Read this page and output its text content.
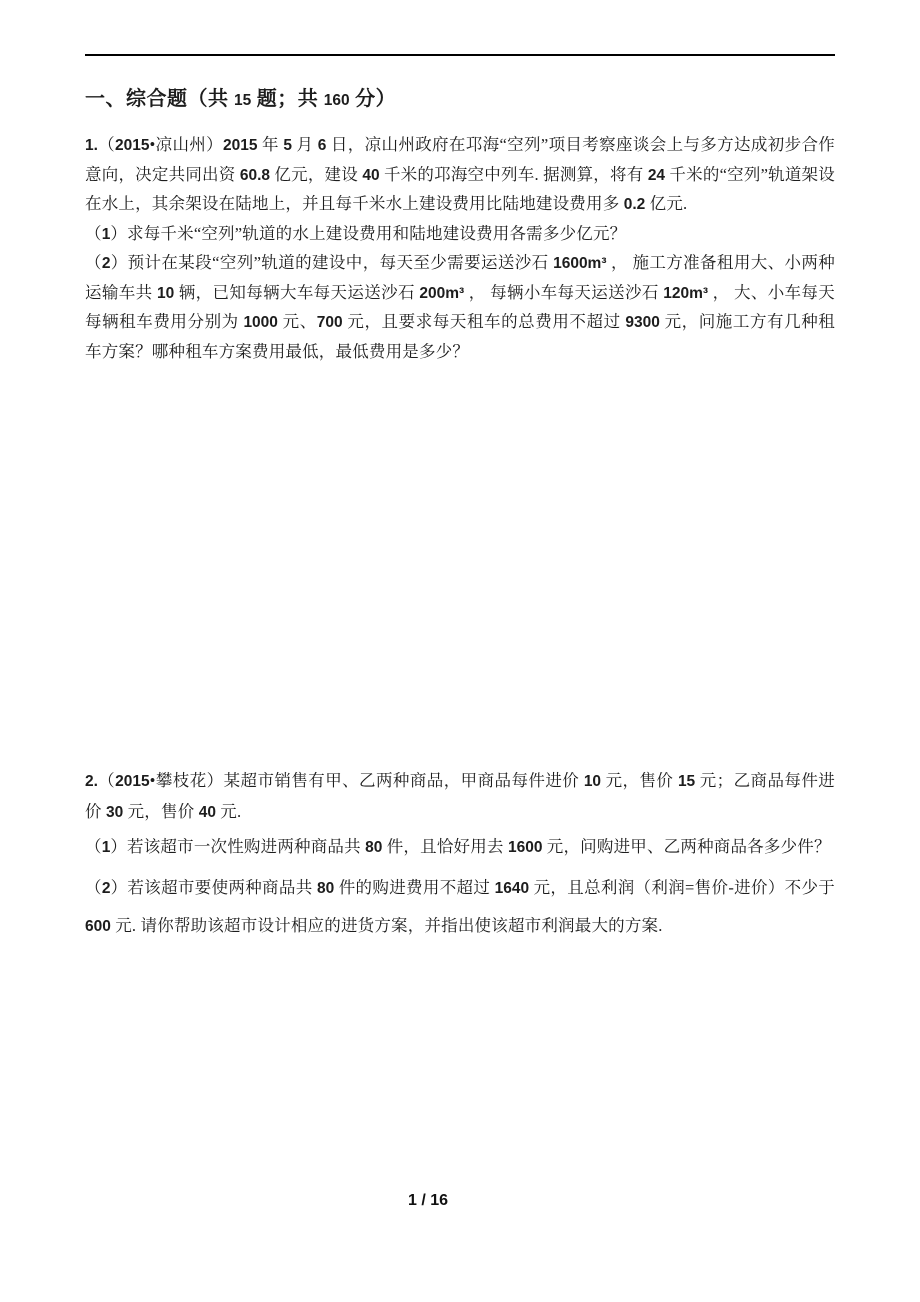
一、综合题（共 15 题；共 160 分）

1.（2015•凉山州）2015 年 5 月 6 日，凉山州政府在邛海“空列”项目考察座谈会上与多方达成初步合作意向，决定共同出资 60.8 亿元，建设 40 千米的邛海空中列车. 据测算，将有 24 千米的“空列”轨道架设在水上，其余架设在陆地上，并且每千米水上建设费用比陆地建设费用多 0.2 亿元.

（1）求每千米“空列”轨道的水上建设费用和陆地建设费用各需多少亿元？

（2）预计在某段“空列”轨道的建设中，每天至少需要运送沙石 1600m³ ， 施工方准备租用大、小两种运输车共 10 辆，已知每辆大车每天运送沙石 200m³ ， 每辆小车每天运送沙石 120m³ ， 大、小车每天每辆租车费用分别为 1000 元、700 元，且要求每天租车的总费用不超过 9300 元，问施工方有几种租车方案？哪种租车方案费用最低，最低费用是多少？

2.（2015•攀枝花）某超市销售有甲、乙两种商品，甲商品每件进价 10 元，售价 15 元；乙商品每件进价 30 元，售价 40 元.

（1）若该超市一次性购进两种商品共 80 件，且恰好用去 1600 元，问购进甲、乙两种商品各多少件？

（2）若该超市要使两种商品共 80 件的购进费用不超过 1640 元，且总利润（利润=售价-进价）不少于 600 元. 请你帮助该超市设计相应的进货方案，并指出使该超市利润最大的方案.

1 / 16
